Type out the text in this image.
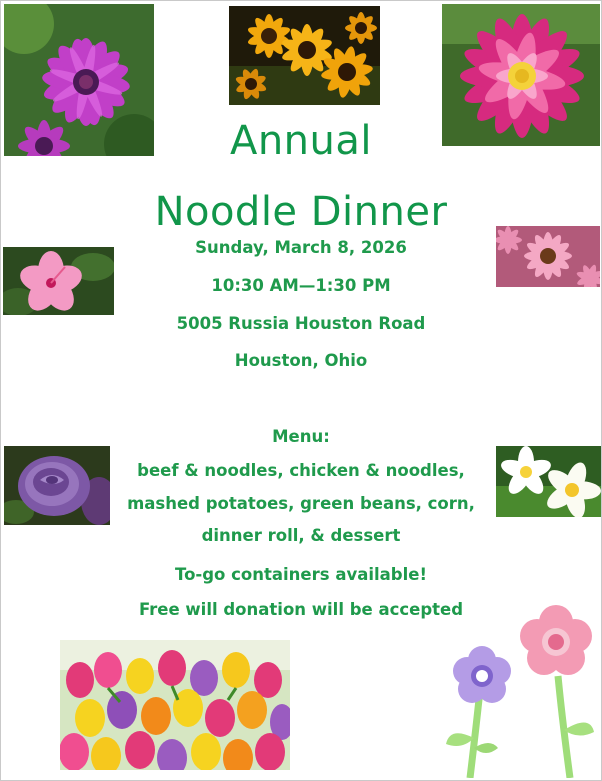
Annual
Noodle Dinner
Sunday, March 8, 2026
10:30 AM—1:30 PM
5005 Russia Houston Road
Houston, Ohio
Menu:
beef & noodles, chicken & noodles,
mashed potatoes, green beans, corn,
dinner roll, & dessert
To-go containers available!
Free will donation will be accepted
